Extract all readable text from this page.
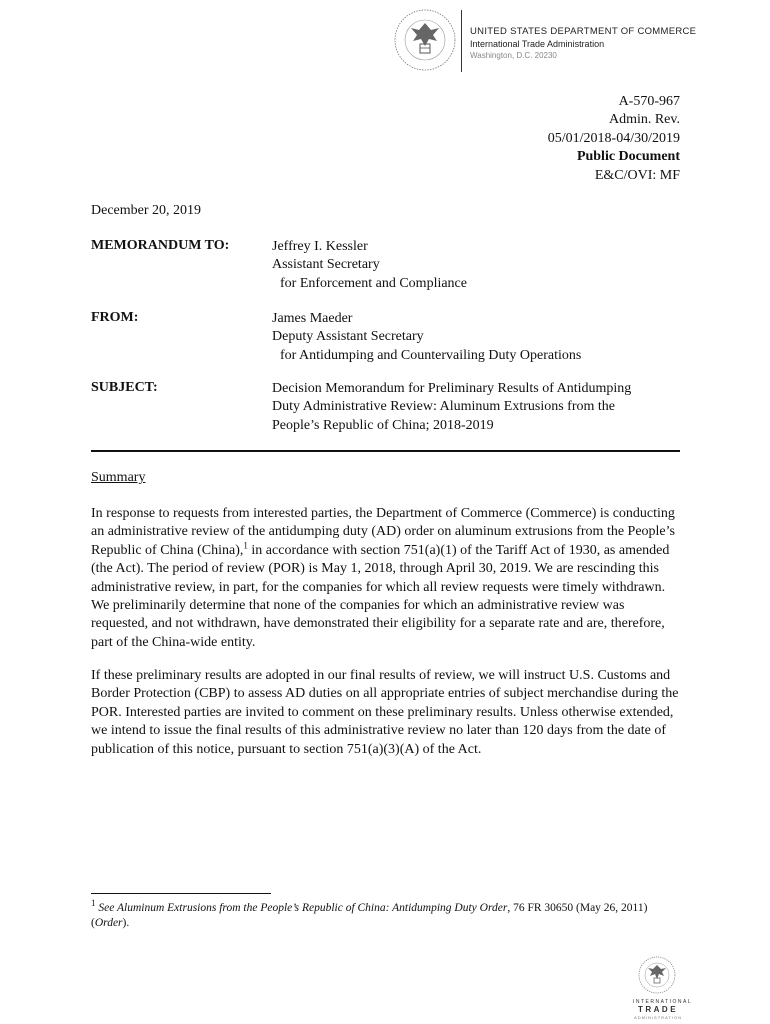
UNITED STATES DEPARTMENT OF COMMERCE
International Trade Administration
Washington, D.C. 20230
A-570-967
Admin. Rev.
05/01/2018-04/30/2019
Public Document
E&C/OVI: MF
December 20, 2019
MEMORANDUM TO:	Jeffrey I. Kessler
Assistant Secretary
for Enforcement and Compliance
FROM:	James Maeder
Deputy Assistant Secretary
for Antidumping and Countervailing Duty Operations
SUBJECT:	Decision Memorandum for Preliminary Results of Antidumping
Duty Administrative Review: Aluminum Extrusions from the
People’s Republic of China; 2018-2019
Summary
In response to requests from interested parties, the Department of Commerce (Commerce) is conducting an administrative review of the antidumping duty (AD) order on aluminum extrusions from the People’s Republic of China (China),$^1$ in accordance with section 751(a)(1) of the Tariff Act of 1930, as amended (the Act). The period of review (POR) is May 1, 2018, through April 30, 2019. We are rescinding this administrative review, in part, for the companies for which all review requests were timely withdrawn. We preliminarily determine that none of the companies for which an administrative review was requested, and not withdrawn, have demonstrated their eligibility for a separate rate and are, therefore, part of the China-wide entity.
If these preliminary results are adopted in our final results of review, we will instruct U.S. Customs and Border Protection (CBP) to assess AD duties on all appropriate entries of subject merchandise during the POR. Interested parties are invited to comment on these preliminary results. Unless otherwise extended, we intend to issue the final results of this administrative review no later than 120 days from the date of publication of this notice, pursuant to section 751(a)(3)(A) of the Act.
$^1$ See Aluminum Extrusions from the People’s Republic of China: Antidumping Duty Order, 76 FR 30650 (May 26, 2011) (Order).
INTERNATIONAL
TRADE
ADMINISTRATION
